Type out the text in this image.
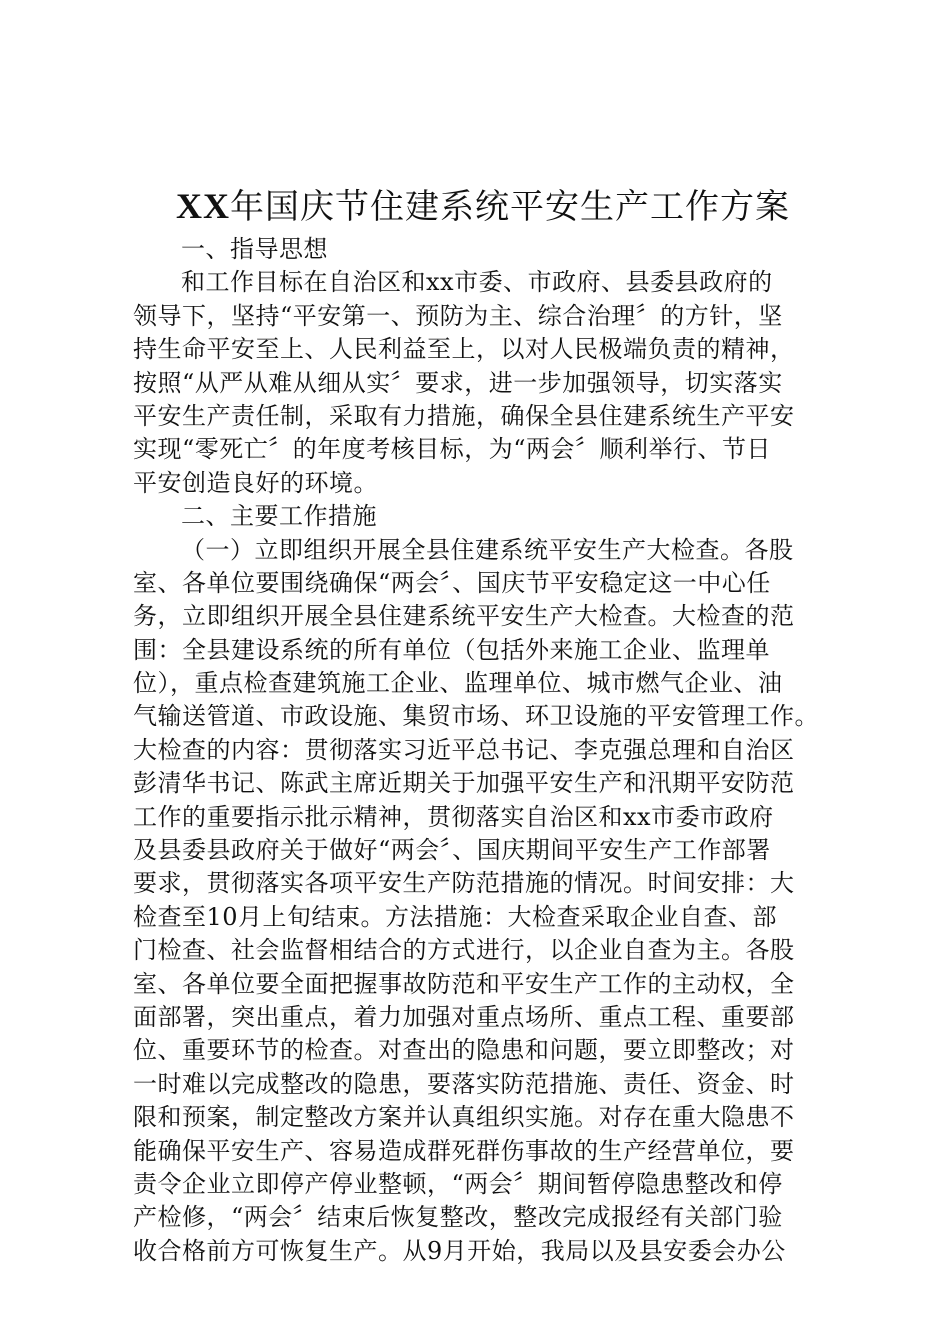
XX年国庆节住建系统平安生产工作方案
一、指导思想
和工作目标在自治区和xx市委、市政府、县委县政府的
领导下，坚持“平安第一、预防为主、综合治理〞的方针，坚
持生命平安至上、人民利益至上，以对人民极端负责的精神，
按照“从严从难从细从实〞要求，进一步加强领导，切实落实
平安生产责任制，采取有力措施，确保全县住建系统生产平安
实现“零死亡〞的年度考核目标，为“两会〞顺利举行、节日
平安创造良好的环境。
二、主要工作措施
（一）立即组织开展全县住建系统平安生产大检查。各股
室、各单位要围绕确保“两会〞、国庆节平安稳定这一中心任
务，立即组织开展全县住建系统平安生产大检查。大检查的范
围：全县建设系统的所有单位（包括外来施工企业、监理单
位），重点检查建筑施工企业、监理单位、城市燃气企业、油
气输送管道、市政设施、集贸市场、环卫设施的平安管理工作。
大检查的内容：贯彻落实习近平总书记、李克强总理和自治区
彭清华书记、陈武主席近期关于加强平安生产和汛期平安防范
工作的重要指示批示精神，贯彻落实自治区和xx市委市政府
及县委县政府关于做好“两会〞、国庆期间平安生产工作部署
要求，贯彻落实各项平安生产防范措施的情况。时间安排：大
检查至10月上旬结束。方法措施：大检查采取企业自查、部
门检查、社会监督相结合的方式进行，以企业自查为主。各股
室、各单位要全面把握事故防范和平安生产工作的主动权，全
面部署，突出重点，着力加强对重点场所、重点工程、重要部
位、重要环节的检查。对查出的隐患和问题，要立即整改；对
一时难以完成整改的隐患，要落实防范措施、责任、资金、时
限和预案，制定整改方案并认真组织实施。对存在重大隐患不
能确保平安生产、容易造成群死群伤事故的生产经营单位，要
责令企业立即停产停业整顿，“两会〞期间暂停隐患整改和停
产检修，“两会〞结束后恢复整改，整改完成报经有关部门验
收合格前方可恢复生产。从9月开始，我局以及县安委会办公
